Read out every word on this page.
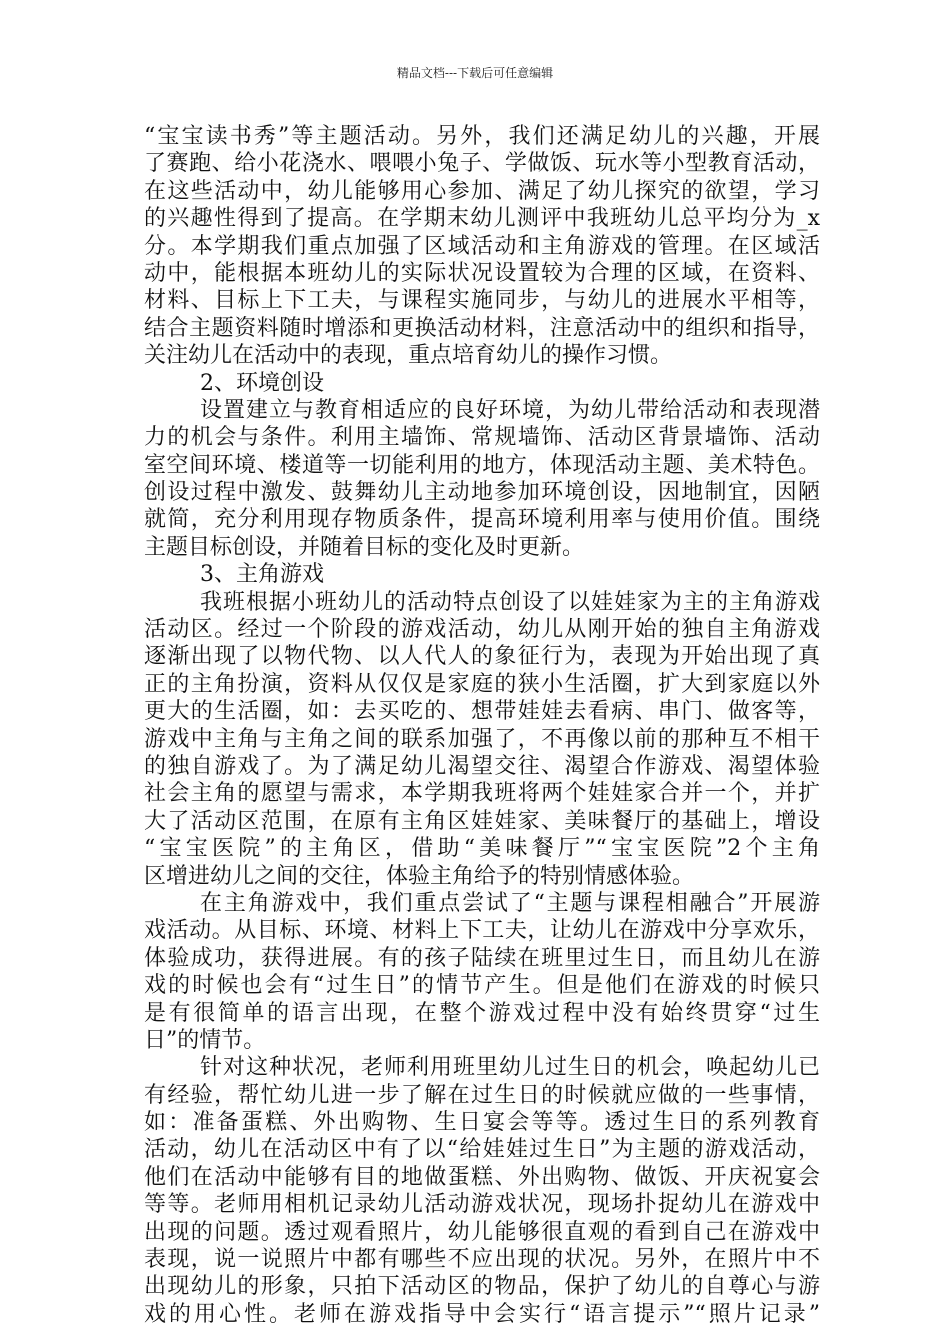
精品文档---下载后可任意编辑
“宝宝读书秀”等主题活动。另外，我们还满足幼儿的兴趣，开展
了赛跑、给小花浇水、喂喂小兔子、学做饭、玩水等小型教育活动，
在这些活动中，幼儿能够用心参加、满足了幼儿探究的欲望，学习
的兴趣性得到了提高。在学期末幼儿测评中我班幼儿总平均分为_x
分。本学期我们重点加强了区域活动和主角游戏的管理。在区域活
动中，能根据本班幼儿的实际状况设置较为合理的区域，在资料、
材料、目标上下工夫，与课程实施同步，与幼儿的进展水平相等，
结合主题资料随时增添和更换活动材料，注意活动中的组织和指导，
关注幼儿在活动中的表现，重点培育幼儿的操作习惯。
2、环境创设
设置建立与教育相适应的良好环境，为幼儿带给活动和表现潜
力的机会与条件。利用主墙饰、常规墙饰、活动区背景墙饰、活动
室空间环境、楼道等一切能利用的地方，体现活动主题、美术特色。
创设过程中激发、鼓舞幼儿主动地参加环境创设，因地制宜，因陋
就简，充分利用现存物质条件，提高环境利用率与使用价值。围绕
主题目标创设，并随着目标的变化及时更新。
3、主角游戏
我班根据小班幼儿的活动特点创设了以娃娃家为主的主角游戏
活动区。经过一个阶段的游戏活动，幼儿从刚开始的独自主角游戏
逐渐出现了以物代物、以人代人的象征行为，表现为开始出现了真
正的主角扮演，资料从仅仅是家庭的狭小生活圈，扩大到家庭以外
更大的生活圈，如：去买吃的、想带娃娃去看病、串门、做客等，
游戏中主角与主角之间的联系加强了，不再像以前的那种互不相干
的独自游戏了。为了满足幼儿渴望交往、渴望合作游戏、渴望体验
社会主角的愿望与需求，本学期我班将两个娃娃家合并一个，并扩
大了活动区范围，在原有主角区娃娃家、美味餐厅的基础上，增设
“宝宝医院”的主角区，借助“美味餐厅”“宝宝医院”2个主角
区增进幼儿之间的交往，体验主角给予的特别情感体验。
在主角游戏中，我们重点尝试了“主题与课程相融合”开展游
戏活动。从目标、环境、材料上下工夫，让幼儿在游戏中分享欢乐，
体验成功，获得进展。有的孩子陆续在班里过生日，而且幼儿在游
戏的时候也会有“过生日”的情节产生。但是他们在游戏的时候只
是有很简单的语言出现，在整个游戏过程中没有始终贯穿“过生
日”的情节。
针对这种状况，老师利用班里幼儿过生日的机会，唤起幼儿已
有经验，帮忙幼儿进一步了解在过生日的时候就应做的一些事情，
如：准备蛋糕、外出购物、生日宴会等等。透过生日的系列教育
活动，幼儿在活动区中有了以“给娃娃过生日”为主题的游戏活动，
他们在活动中能够有目的地做蛋糕、外出购物、做饭、开庆祝宴会
等等。老师用相机记录幼儿活动游戏状况，现场扑捉幼儿在游戏中
出现的问题。透过观看照片，幼儿能够很直观的看到自己在游戏中
表现，说一说照片中都有哪些不应出现的状况。另外，在照片中不
出现幼儿的形象，只拍下活动区的物品，保护了幼儿的自尊心与游
戏的用心性。老师在游戏指导中会实行“语言提示”“照片记录”
